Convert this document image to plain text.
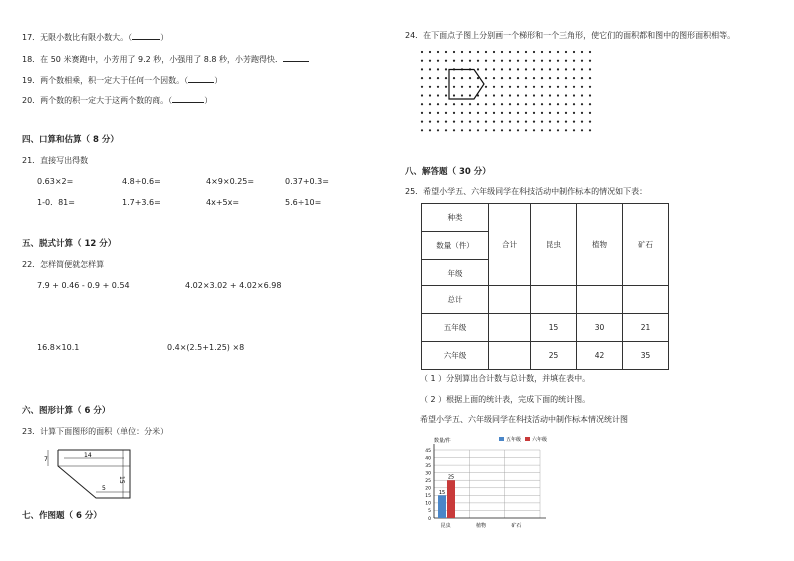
17．无限小数比有限小数大。（	）
18．在 50 米赛跑中，小芳用了 9.2 秒，小强用了 8.8 秒，小芳跑得快．
19．两个数相乘，积一定大于任何一个因数。（	）
20．两个数的积一定大于这两个数的商。（	）
四、口算和估算（ 8 分）
21．直接写出得数
0.63×2=	4.8÷0.6=	4×9×0.25=	0.37+0.3=
1-0．81=	1.7+3.6=	4x+5x=	5.6÷10=
五、脱式计算（ 12 分）
22．怎样简便就怎样算
7.9 + 0.46 - 0.9 + 0.54	4.02×3.02 + 4.02×6.98
16.8×10.1	0.4×(2.5+1.25) ×8
六、图形计算（ 6 分）
23．计算下面图形的面积（单位：分米）
7
14
15
5
七、作图题（ 6 分）
24．在下面点子图上分别画一个梯形和一个三角形，使它们的面积都和图中的图形面积相等。
八、解答题（ 30 分）
25．希望小学五、六年级同学在科技活动中制作标本的情况如下表：
种类
数量（件）
年级	合计	昆虫	植物	矿石

总计				
五年级		15	30	21
六年级		25	42	35
（ 1 ）分别算出合计数与总计数，并填在表中。
（ 2 ）根据上面的统计表，完成下面的统计图。
希望小学五、六年级同学在科技活动中制作标本情况统计图
数量/件	五年级 六年级
0
5
10
15
20
25
30
35
40
45
昆虫
15
25
植物	矿石
